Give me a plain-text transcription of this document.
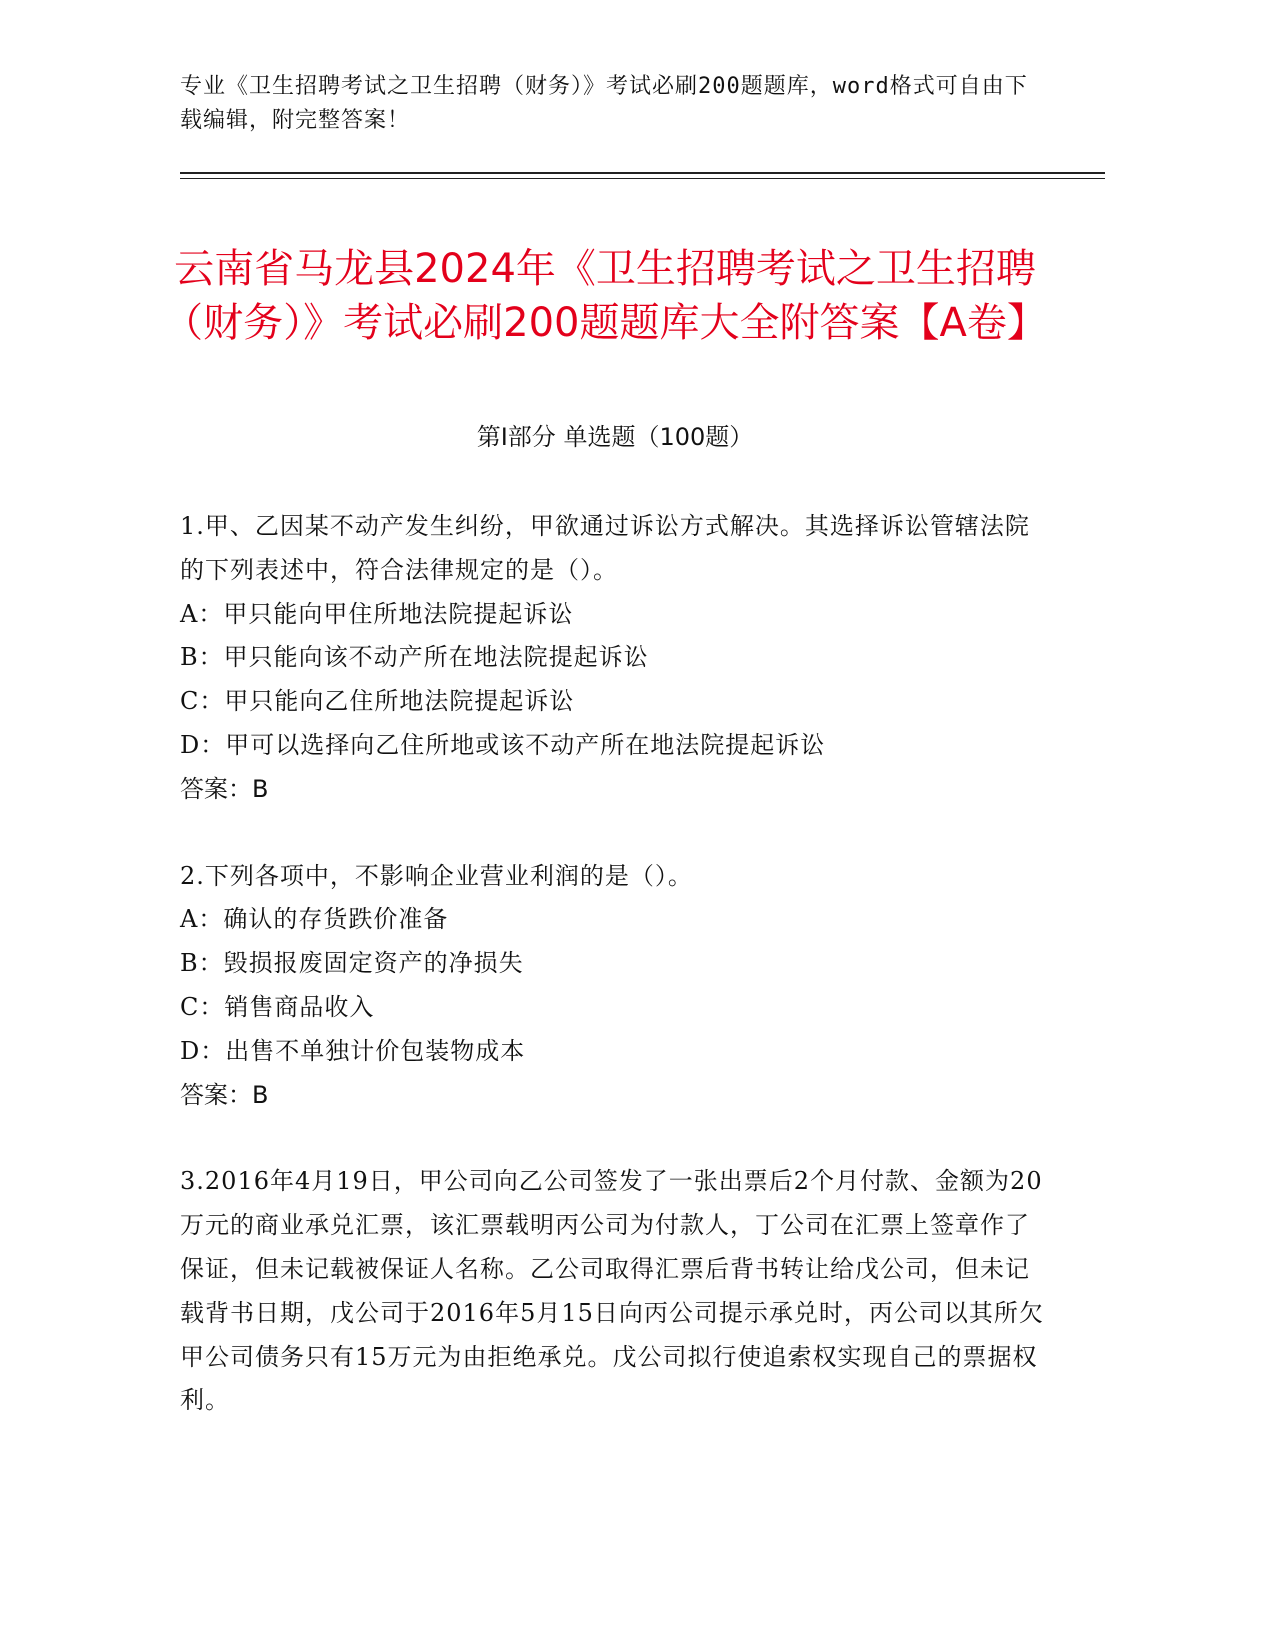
专业《卫生招聘考试之卫生招聘（财务）》考试必刷200题题库，word格式可自由下载编辑，附完整答案！
云南省马龙县2024年《卫生招聘考试之卫生招聘（财务）》考试必刷200题题库大全附答案【A卷】
第Ⅰ部分 单选题（100题）

1.甲、乙因某不动产发生纠纷，甲欲通过诉讼方式解决。其选择诉讼管辖法院的下列表述中，符合法律规定的是（）。

A：甲只能向甲住所地法院提起诉讼

B：甲只能向该不动产所在地法院提起诉讼

C：甲只能向乙住所地法院提起诉讼

D：甲可以选择向乙住所地或该不动产所在地法院提起诉讼

答案：B

2.下列各项中，不影响企业营业利润的是（）。

A：确认的存货跌价准备

B：毁损报废固定资产的净损失

C：销售商品收入

D：出售不单独计价包装物成本

答案：B

3.2016年4月19日，甲公司向乙公司签发了一张出票后2个月付款、金额为20万元的商业承兑汇票，该汇票载明丙公司为付款人，丁公司在汇票上签章作了保证，但未记载被保证人名称。乙公司取得汇票后背书转让给戊公司，但未记载背书日期，戊公司于2016年5月15日向丙公司提示承兑时，丙公司以其所欠甲公司债务只有15万元为由拒绝承兑。戊公司拟行使追索权实现自己的票据权利。
